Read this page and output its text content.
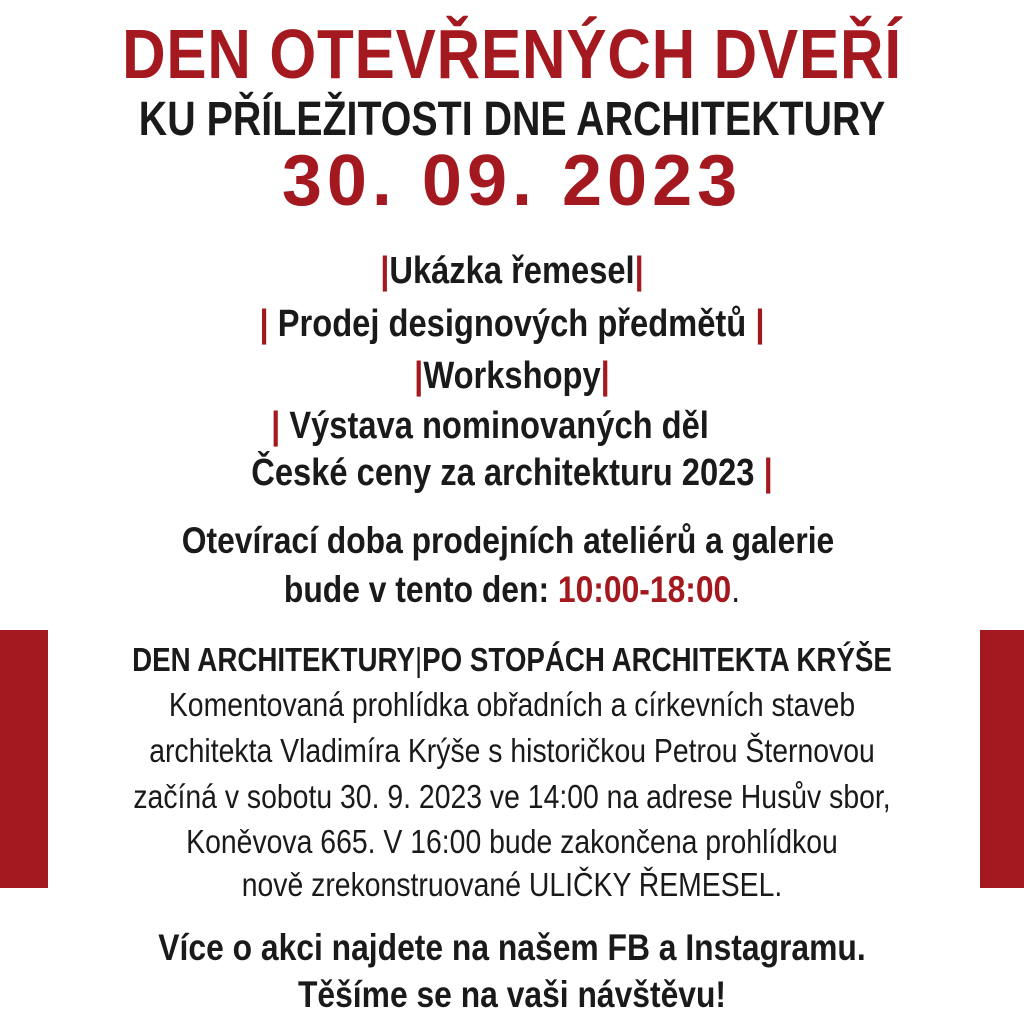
DEN OTEVŘENÝCH DVEŘÍ
KU PŘÍLEŽITOSTI DNE ARCHITEKTURY
30. 09. 2023
|Ukázka řemesel|
| Prodej designových předmětů |
|Workshopy|
| Výstava nominovaných děl
České ceny za architekturu 2023 |
Otevírací doba prodejních ateliérů a galerie
bude v tento den: 10:00-18:00.
DEN ARCHITEKTURY|PO STOPÁCH ARCHITEKTA KRÝŠE
Komentovaná prohlídka obřadních a církevních staveb
architekta Vladimíra Krýše s historičkou Petrou Šternovou
začíná v sobotu 30. 9. 2023 ve 14:00 na adrese Husův sbor,
Koněvova 665. V 16:00 bude zakončena prohlídkou
nově zrekonstruované ULIČKY ŘEMESEL.
Více o akci najdete na našem FB a Instagramu.
Těšíme se na vaši návštěvu!
